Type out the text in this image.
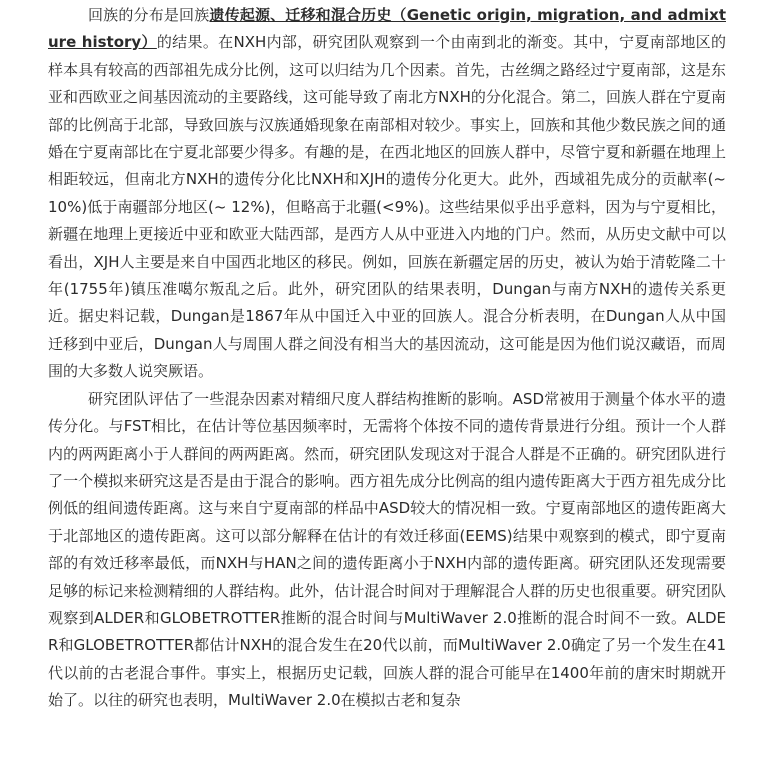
回族的分布是回族遗传起源、迁移和混合历史（Genetic origin, migration, and admixture history）的结果。在NXH内部，研究团队观察到一个由南到北的渐变。其中，宁夏南部地区的样本具有较高的西部祖先成分比例，这可以归结为几个因素。首先，古丝绸之路经过宁夏南部，这是东亚和西欧亚之间基因流动的主要路线，这可能导致了南北方NXH的分化混合。第二，回族人群在宁夏南部的比例高于北部，导致回族与汉族通婚现象在南部相对较少。事实上，回族和其他少数民族之间的通婚在宁夏南部比在宁夏北部要少得多。有趣的是，在西北地区的回族人群中，尽管宁夏和新疆在地理上相距较远，但南北方NXH的遗传分化比NXH和XJH的遗传分化更大。此外，西域祖先成分的贡献率(~ 10%)低于南疆部分地区(~ 12%)，但略高于北疆(<9%)。这些结果似乎出乎意料，因为与宁夏相比，新疆在地理上更接近中亚和欧亚大陆西部，是西方人从中亚进入内地的门户。然而，从历史文献中可以看出，XJH人主要是来自中国西北地区的移民。例如，回族在新疆定居的历史，被认为始于清乾隆二十年(1755年)镇压准噶尔叛乱之后。此外，研究团队的结果表明，Dungan与南方NXH的遗传关系更近。据史料记载，Dungan是1867年从中国迁入中亚的回族人。混合分析表明，在Dungan人从中国迁移到中亚后，Dungan人与周围人群之间没有相当大的基因流动，这可能是因为他们说汉藏语，而周围的大多数人说突厥语。

研究团队评估了一些混杂因素对精细尺度人群结构推断的影响。ASD常被用于测量个体水平的遗传分化。与FST相比，在估计等位基因频率时，无需将个体按不同的遗传背景进行分组。预计一个人群内的两两距离小于人群间的两两距离。然而，研究团队发现这对于混合人群是不正确的。研究团队进行了一个模拟来研究这是否是由于混合的影响。西方祖先成分比例高的组内遗传距离大于西方祖先成分比例低的组间遗传距离。这与来自宁夏南部的样品中ASD较大的情况相一致。宁夏南部地区的遗传距离大于北部地区的遗传距离。这可以部分解释在估计的有效迁移面(EEMS)结果中观察到的模式，即宁夏南部的有效迁移率最低，而NXH与HAN之间的遗传距离小于NXH内部的遗传距离。研究团队还发现需要足够的标记来检测精细的人群结构。此外，估计混合时间对于理解混合人群的历史也很重要。研究团队观察到ALDER和GLOBETROTTER推断的混合时间与MultiWaver 2.0推断的混合时间不一致。ALDER和GLOBETROTTER都估计NXH的混合发生在20代以前，而MultiWaver 2.0确定了另一个发生在41代以前的古老混合事件。事实上，根据历史记载，回族人群的混合可能早在1400年前的唐宋时期就开始了。以往的研究也表明，MultiWaver 2.0在模拟古老和复杂
